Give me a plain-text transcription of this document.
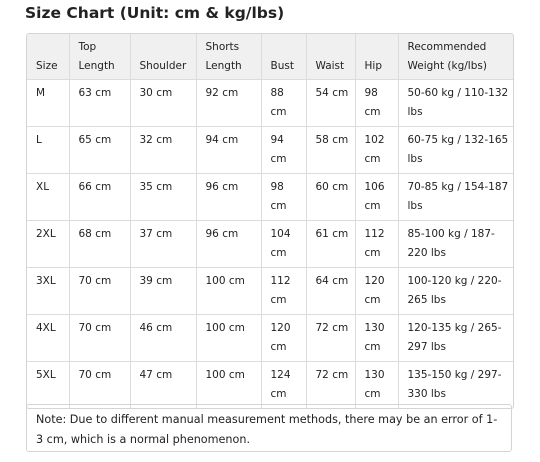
Size Chart (Unit: cm & kg/lbs)
Size	Top Length	Shoulder	Shorts Length	Bust	Waist	Hip	Recommended Weight (kg/lbs)
M	63 cm	30 cm	92 cm	88 cm	54 cm	98 cm	50-60 kg / 110-132 lbs
L	65 cm	32 cm	94 cm	94 cm	58 cm	102 cm	60-75 kg / 132-165 lbs
XL	66 cm	35 cm	96 cm	98 cm	60 cm	106 cm	70-85 kg / 154-187 lbs
2XL	68 cm	37 cm	96 cm	104 cm	61 cm	112 cm	85-100 kg / 187-220 lbs
3XL	70 cm	39 cm	100 cm	112 cm	64 cm	120 cm	100-120 kg / 220-265 lbs
4XL	70 cm	46 cm	100 cm	120 cm	72 cm	130 cm	120-135 kg / 265-297 lbs
5XL	70 cm	47 cm	100 cm	124 cm	72 cm	130 cm	135-150 kg / 297-330 lbs
Note: Due to different manual measurement methods, there may be an error of 1-3 cm, which is a normal phenomenon.
